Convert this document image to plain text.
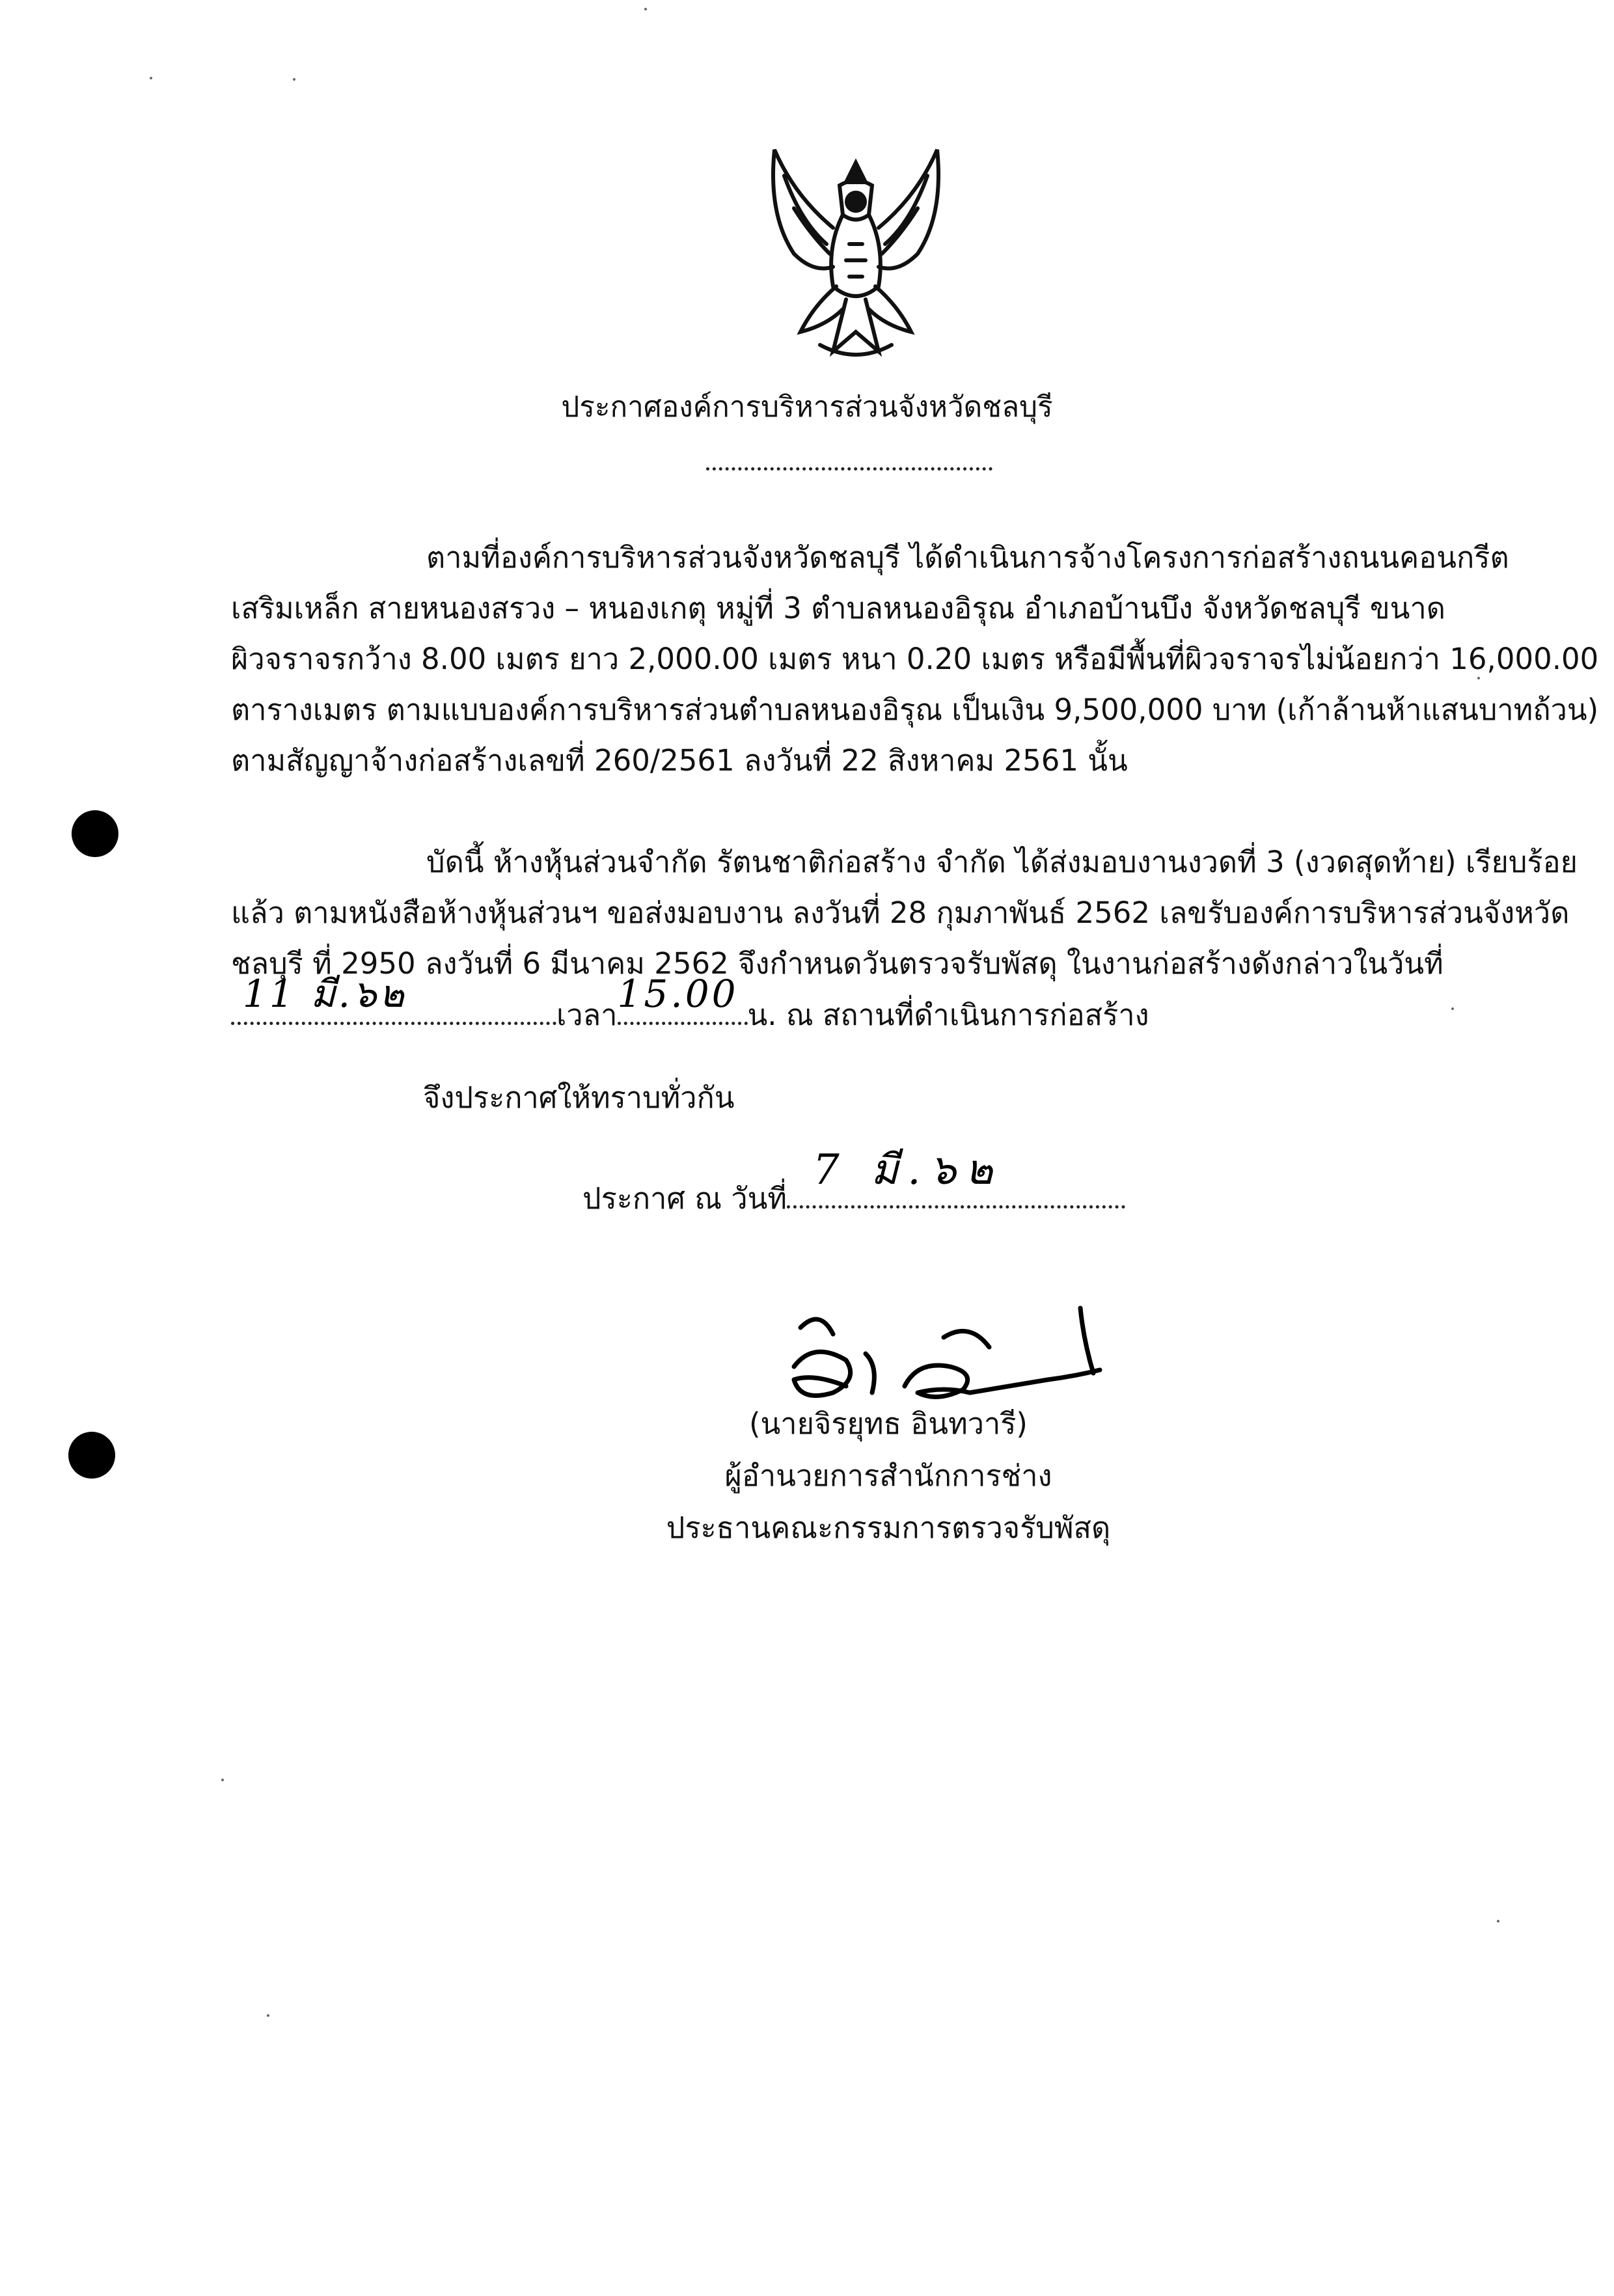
ประกาศองค์การบริหารส่วนจังหวัดชลบุรี
ตามที่องค์การบริหารส่วนจังหวัดชลบุรี ได้ดำเนินการจ้างโครงการก่อสร้างถนนคอนกรีต
เสริมเหล็ก สายหนองสรวง – หนองเกตุ หมู่ที่ 3 ตำบลหนองอิรุณ อำเภอบ้านบึง จังหวัดชลบุรี ขนาด
ผิวจราจรกว้าง 8.00 เมตร ยาว 2,000.00 เมตร หนา 0.20 เมตร หรือมีพื้นที่ผิวจราจรไม่น้อยกว่า 16,000.00
ตารางเมตร ตามแบบองค์การบริหารส่วนตำบลหนองอิรุณ เป็นเงิน 9,500,000 บาท (เก้าล้านห้าแสนบาทถ้วน)
ตามสัญญาจ้างก่อสร้างเลขที่ 260/2561 ลงวันที่ 22 สิงหาคม 2561 นั้น
บัดนี้ ห้างหุ้นส่วนจำกัด รัตนชาติก่อสร้าง จำกัด ได้ส่งมอบงานงวดที่ 3 (งวดสุดท้าย) เรียบร้อย
แล้ว ตามหนังสือห้างหุ้นส่วนฯ ขอส่งมอบงาน ลงวันที่ 28 กุมภาพันธ์ 2562 เลขรับองค์การบริหารส่วนจังหวัด
ชลบุรี ที่ 2950 ลงวันที่ 6 มีนาคม 2562 จึงกำหนดวันตรวจรับพัสดุ ในงานก่อสร้างดังกล่าวในวันที่
11 มี.๖๒	เวลา 15.00 น. ณ สถานที่ดำเนินการก่อสร้าง
จึงประกาศให้ทราบทั่วกัน
ประกาศ ณ วันที่
7 มี.๖๒
(นายจิรยุทธ อินทวารี)
ผู้อำนวยการสำนักการช่าง
ประธานคณะกรรมการตรวจรับพัสดุ
